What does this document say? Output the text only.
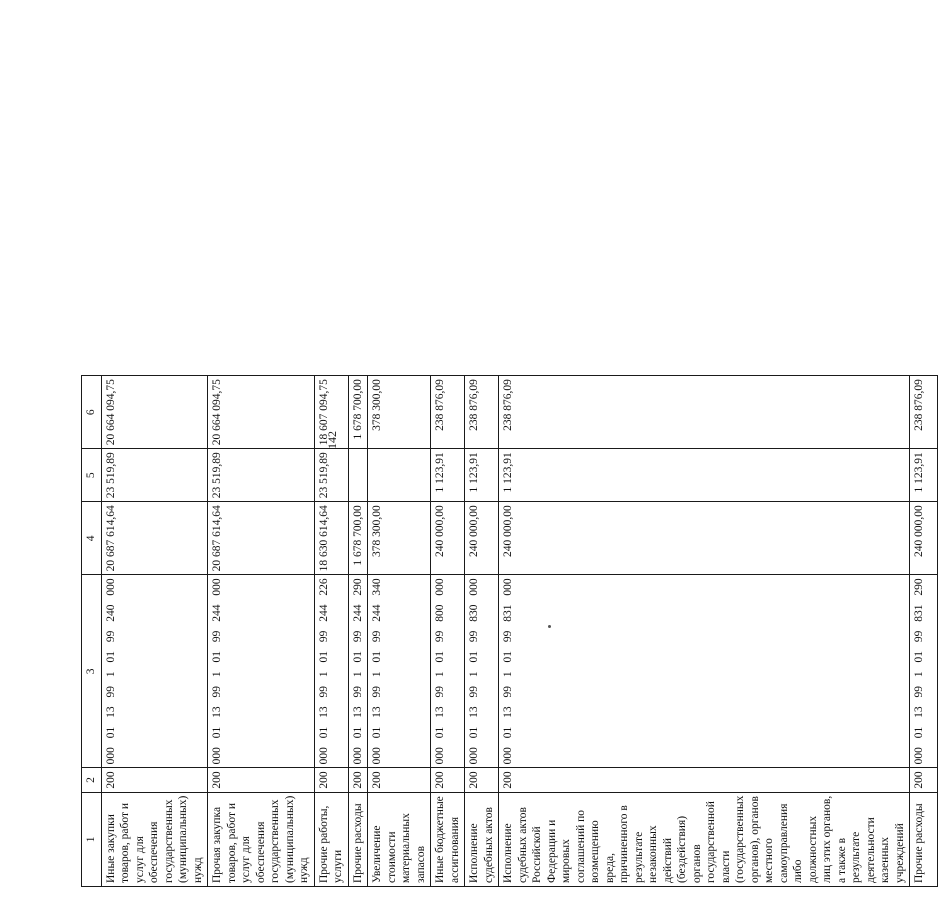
142
1	2	3	4	5	6
Иные закупки товаров, работ и услуг для обеспечения государственных (муниципальных) нужд	200	000 01 13 99 1 01 99 240 000	20 687 614,64	23 519,89	20 664 094,75
Прочая закупка товаров, работ и услуг для обеспечения государственных (муниципальных) нужд	200	000 01 13 99 1 01 99 244 000	20 687 614,64	23 519,89	20 664 094,75
Прочие работы, услуги	200	000 01 13 99 1 01 99 244 226	18 630 614,64	23 519,89	18 607 094,75
Прочие расходы	200	000 01 13 99 1 01 99 244 290	1 678 700,00		1 678 700,00
Увеличение стоимости материальных запасов	200	000 01 13 99 1 01 99 244 340	378 300,00		378 300,00
Иные бюджетные ассигнования	200	000 01 13 99 1 01 99 800 000	240 000,00	1 123,91	238 876,09
Исполнение судебных актов	200	000 01 13 99 1 01 99 830 000	240 000,00	1 123,91	238 876,09
Исполнение судебных актов Российской Федерации и мировых соглашений по возмещению вреда, причиненного в результате незаконных действий (бездействия) органов государственной власти (государственных органов), органов местного самоуправления либо должностных лиц этих органов, а также в результате деятельности казенных учреждений	200	000 01 13 99 1 01 99 831 000	240 000,00	1 123,91	238 876,09
Прочие расходы	200	000 01 13 99 1 01 99 831 290	240 000,00	1 123,91	238 876,09
